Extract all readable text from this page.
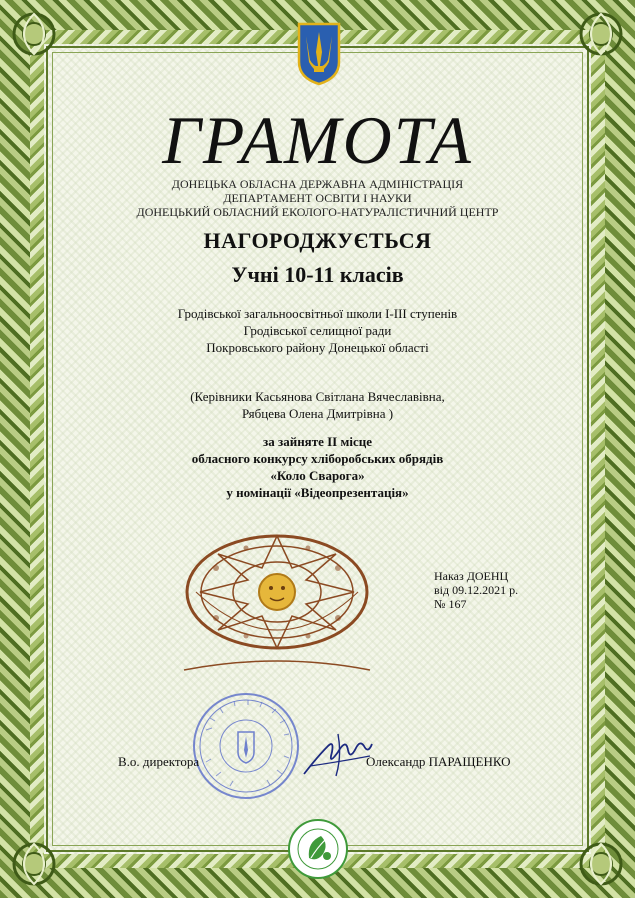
ГРАМОТА
ДОНЕЦЬКА ОБЛАСНА ДЕРЖАВНА АДМІНІСТРАЦІЯ
ДЕПАРТАМЕНТ ОСВІТИ І НАУКИ
ДОНЕЦЬКИЙ ОБЛАСНИЙ ЕКОЛОГО-НАТУРАЛІСТИЧНИЙ ЦЕНТР
НАГОРОДЖУЄТЬСЯ
Учні 10-11 класів
Гродівської загальноосвітньої школи І-ІІІ ступенів
Гродівської селищної ради
Покровського району Донецької області
(Керівники Касьянова Світлана Вячеславівна,
Рябцева Олена Дмитрівна )
за зайняте ІІ місце
обласного конкурсу хліборобських обрядів
«Коло Сварога»
у номінації «Відеопрезентація»
Наказ ДОЕНЦ
від 09.12.2021 р.
№ 167
В.о. директора	Олександр ПАРАЩЕНКО
